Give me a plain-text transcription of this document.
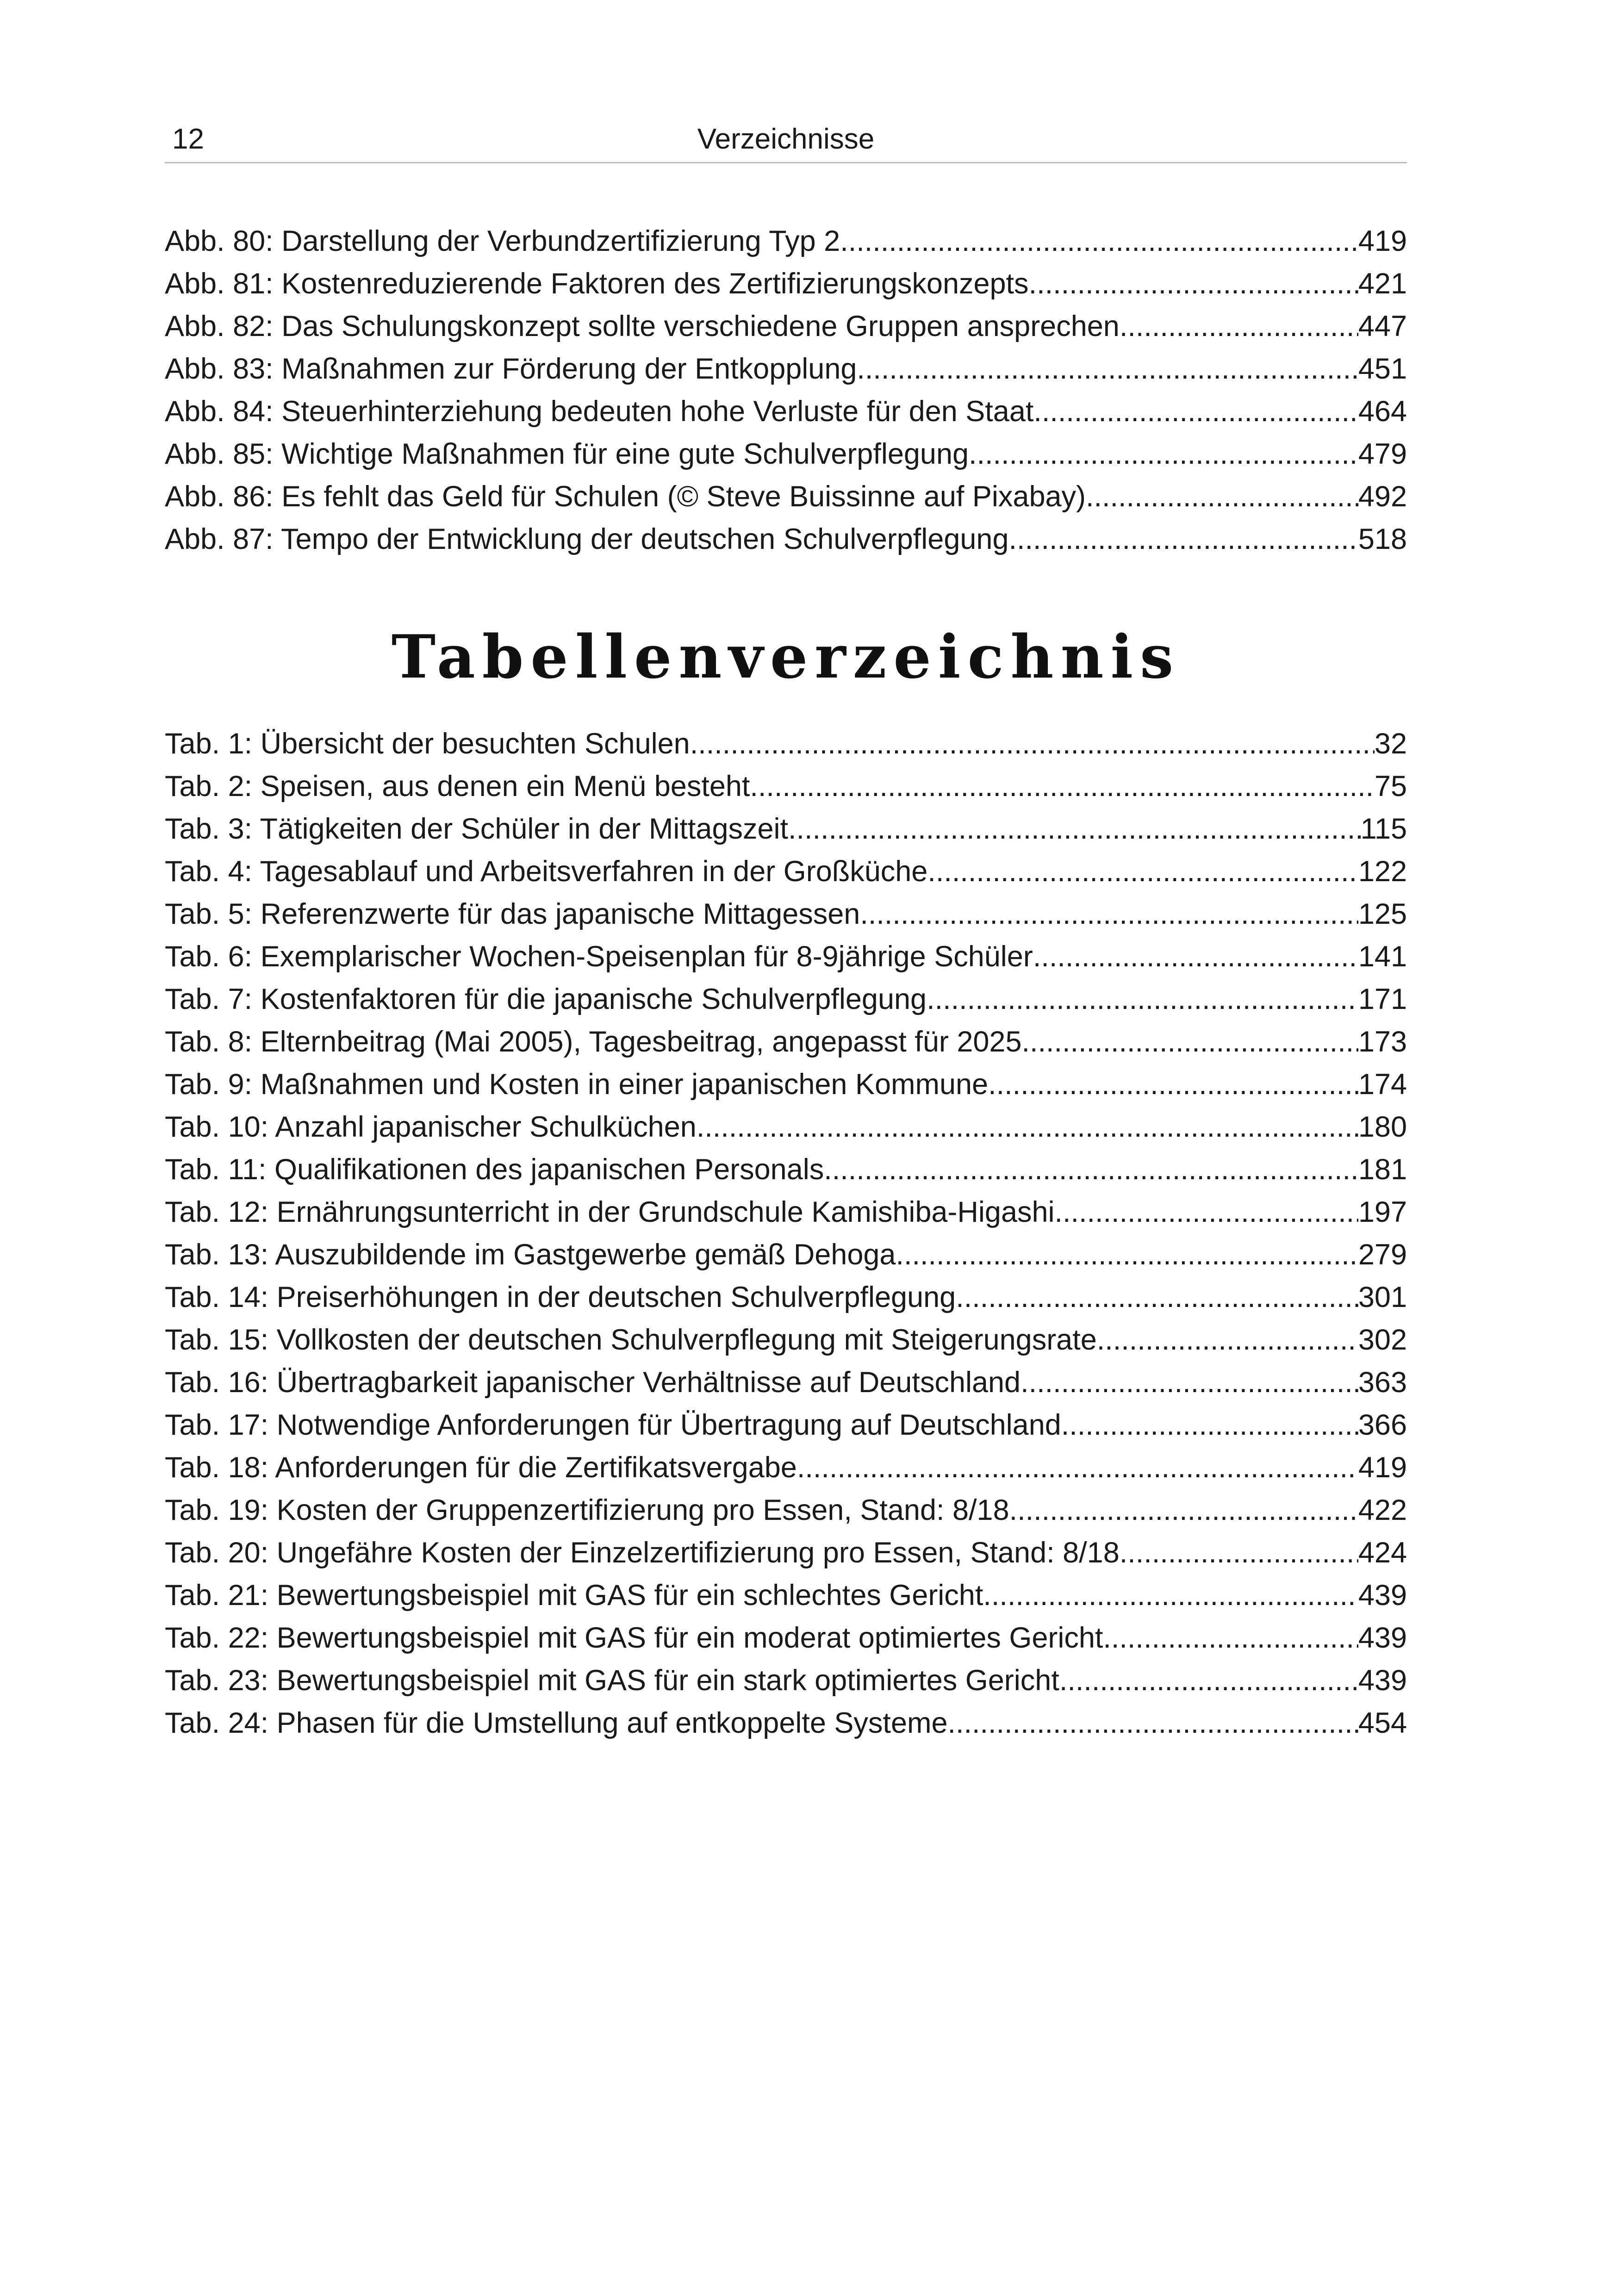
12	Verzeichnisse
Abb. 80: Darstellung der Verbundzertifizierung Typ 2 .....	419
Abb. 81: Kostenreduzierende Faktoren des Zertifizierungskonzepts .....	421
Abb. 82: Das Schulungskonzept sollte verschiedene Gruppen ansprechen .....	447
Abb. 83: Maßnahmen zur Förderung der Entkopplung .....	451
Abb. 84: Steuerhinterziehung bedeuten hohe Verluste für den Staat .....	464
Abb. 85: Wichtige Maßnahmen für eine gute Schulverpflegung .....	479
Abb. 86: Es fehlt das Geld für Schulen (© Steve Buissinne auf Pixabay) .....	492
Abb. 87: Tempo der Entwicklung der deutschen Schulverpflegung .....	518
Tabellenverzeichnis
Tab. 1: Übersicht der besuchten Schulen .....	32
Tab. 2: Speisen, aus denen ein Menü besteht .....	75
Tab. 3: Tätigkeiten der Schüler in der Mittagszeit .....	115
Tab. 4: Tagesablauf und Arbeitsverfahren in der Großküche .....	122
Tab. 5: Referenzwerte für das japanische Mittagessen .....	125
Tab. 6: Exemplarischer Wochen-Speisenplan für 8-9jährige Schüler .....	141
Tab. 7: Kostenfaktoren für die japanische Schulverpflegung .....	171
Tab. 8: Elternbeitrag (Mai 2005), Tagesbeitrag, angepasst für 2025 .....	173
Tab. 9: Maßnahmen und Kosten in einer japanischen Kommune .....	174
Tab. 10: Anzahl japanischer Schulküchen .....	180
Tab. 11: Qualifikationen des japanischen Personals .....	181
Tab. 12: Ernährungsunterricht in der Grundschule Kamishiba-Higashi .....	197
Tab. 13: Auszubildende im Gastgewerbe gemäß Dehoga .....	279
Tab. 14: Preiserhöhungen in der deutschen Schulverpflegung .....	301
Tab. 15: Vollkosten der deutschen Schulverpflegung mit Steigerungsrate .....	302
Tab. 16: Übertragbarkeit japanischer Verhältnisse auf Deutschland .....	363
Tab. 17: Notwendige Anforderungen für Übertragung auf Deutschland .....	366
Tab. 18: Anforderungen für die Zertifikatsvergabe .....	419
Tab. 19: Kosten der Gruppenzertifizierung pro Essen, Stand: 8/18 .....	422
Tab. 20: Ungefähre Kosten der Einzelzertifizierung pro Essen, Stand: 8/18 .....	424
Tab. 21: Bewertungsbeispiel mit GAS für ein schlechtes Gericht .....	439
Tab. 22: Bewertungsbeispiel mit GAS für ein moderat optimiertes Gericht .....	439
Tab. 23: Bewertungsbeispiel mit GAS für ein stark optimiertes Gericht .....	439
Tab. 24: Phasen für die Umstellung auf entkoppelte Systeme .....	454
